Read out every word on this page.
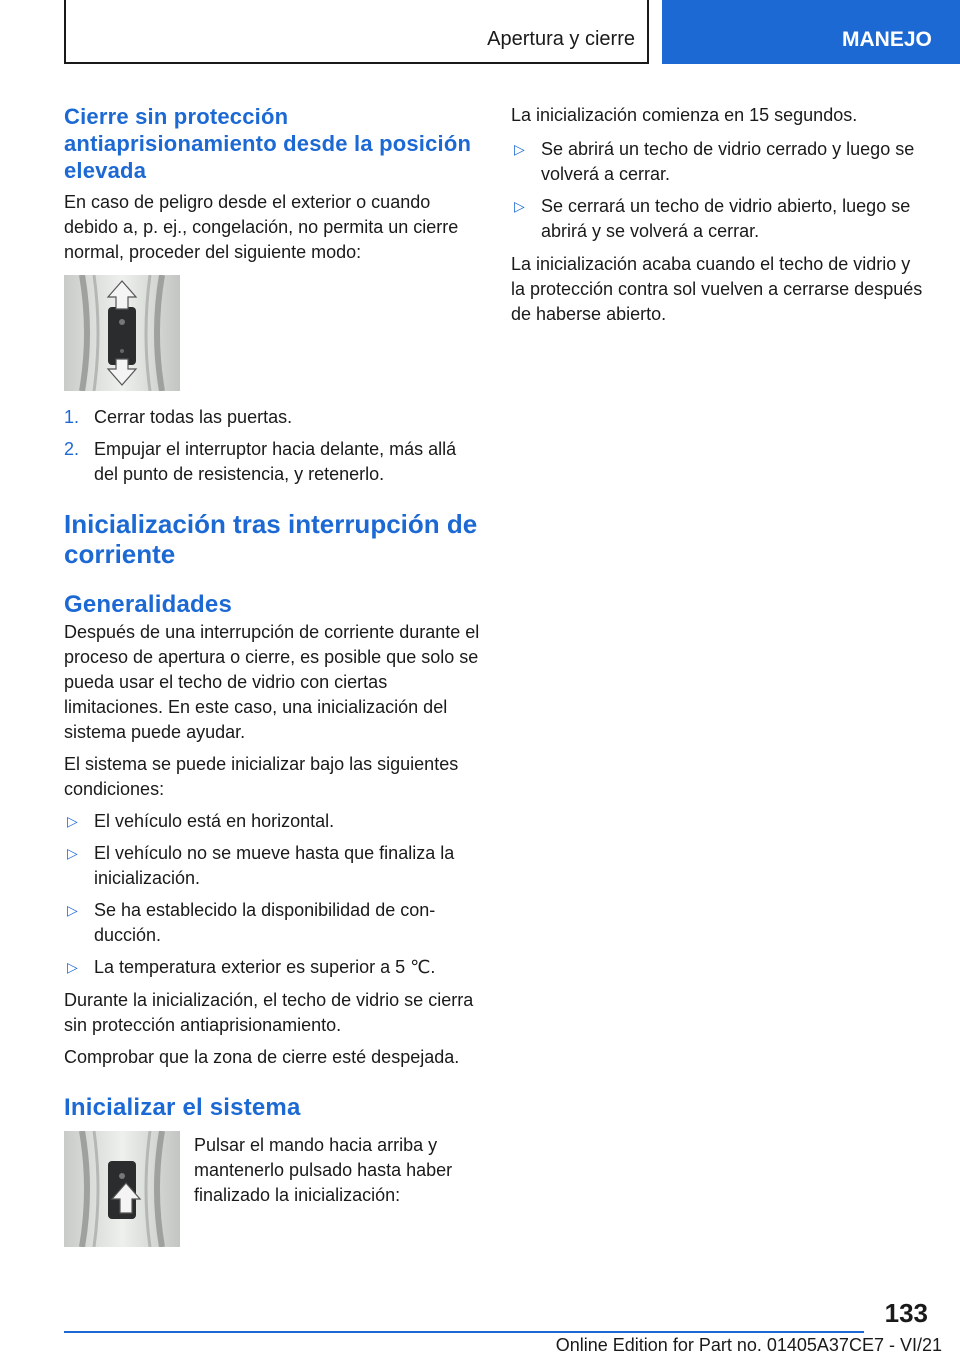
Apertura y cierre	MANEJO
Cierre sin protección antiaprisionamiento desde la posición elevada

En caso de peligro desde el exterior o cuando debido a, p. ej., congelación, no permita un cierre normal, proceder del siguiente modo:

1. Cerrar todas las puertas.
2. Empujar el interruptor hacia delante, más allá del punto de resistencia, y retenerlo.
Inicialización tras interrupción de corriente
Generalidades

Después de una interrupción de corriente durante el proceso de apertura o cierre, es posible que solo se pueda usar el techo de vidrio con ciertas limitaciones. En este caso, una inicialización del sistema puede ayudar.

El sistema se puede inicializar bajo las siguientes condiciones:

▷ El vehículo está en horizontal.
▷ El vehículo no se mueve hasta que finaliza la inicialización.
▷ Se ha establecido la disponibilidad de conducción.
▷ La temperatura exterior es superior a 5 ℃.

Durante la inicialización, el techo de vidrio se cierra sin protección antiaprisionamiento.

Comprobar que la zona de cierre esté despejada.

Inicializar el sistema

Pulsar el mando hacia arriba y mantenerlo pulsado hasta haber finalizado la inicialización:

La inicialización comienza en 15 segundos.

▷ Se abrirá un techo de vidrio cerrado y luego se volverá a cerrar.
▷ Se cerrará un techo de vidrio abierto, luego se abrirá y se volverá a cerrar.

La inicialización acaba cuando el techo de vidrio y la protección contra sol vuelven a cerrarse después de haberse abierto.

133
Online Edition for Part no. 01405A37CE7 - VI/21
